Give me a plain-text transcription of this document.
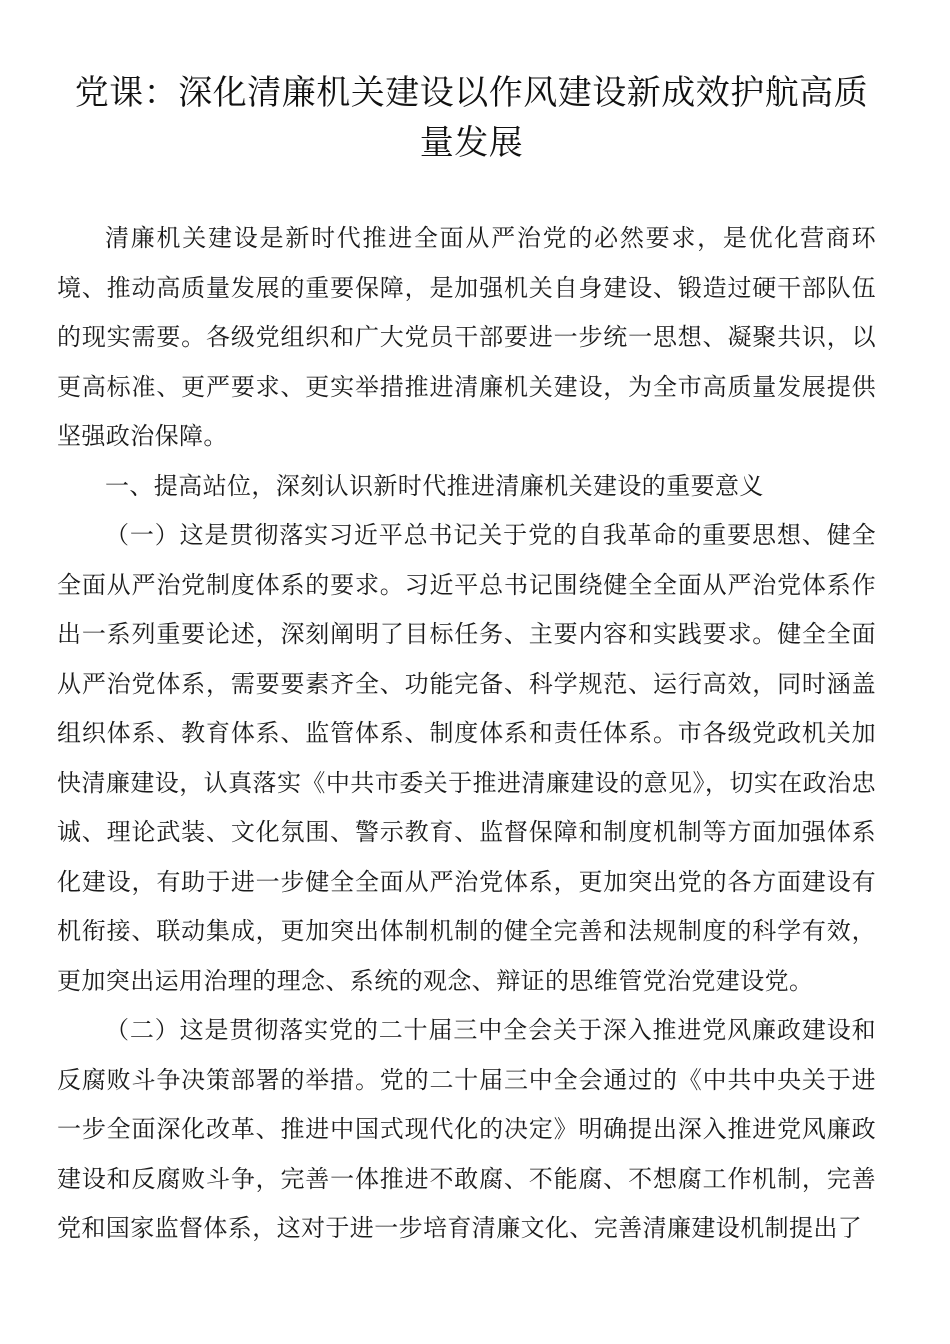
党课：深化清廉机关建设以作风建设新成效护航高质量发展

清廉机关建设是新时代推进全面从严治党的必然要求，是优化营商环境、推动高质量发展的重要保障，是加强机关自身建设、锻造过硬干部队伍的现实需要。各级党组织和广大党员干部要进一步统一思想、凝聚共识，以更高标准、更严要求、更实举措推进清廉机关建设，为全市高质量发展提供坚强政治保障。

一、提高站位，深刻认识新时代推进清廉机关建设的重要意义

（一）这是贯彻落实习近平总书记关于党的自我革命的重要思想、健全全面从严治党制度体系的要求。习近平总书记围绕健全全面从严治党体系作出一系列重要论述，深刻阐明了目标任务、主要内容和实践要求。健全全面从严治党体系，需要要素齐全、功能完备、科学规范、运行高效，同时涵盖组织体系、教育体系、监管体系、制度体系和责任体系。市各级党政机关加快清廉建设，认真落实《中共市委关于推进清廉建设的意见》，切实在政治忠诚、理论武装、文化氛围、警示教育、监督保障和制度机制等方面加强体系化建设，有助于进一步健全全面从严治党体系，更加突出党的各方面建设有机衔接、联动集成，更加突出体制机制的健全完善和法规制度的科学有效，更加突出运用治理的理念、系统的观念、辩证的思维管党治党建设党。

（二）这是贯彻落实党的二十届三中全会关于深入推进党风廉政建设和反腐败斗争决策部署的举措。党的二十届三中全会通过的《中共中央关于进一步全面深化改革、推进中国式现代化的决定》明确提出深入推进党风廉政建设和反腐败斗争，完善一体推进不敢腐、不能腐、不想腐工作机制，完善党和国家监督体系，这对于进一步培育清廉文化、完善清廉建设机制提出了
